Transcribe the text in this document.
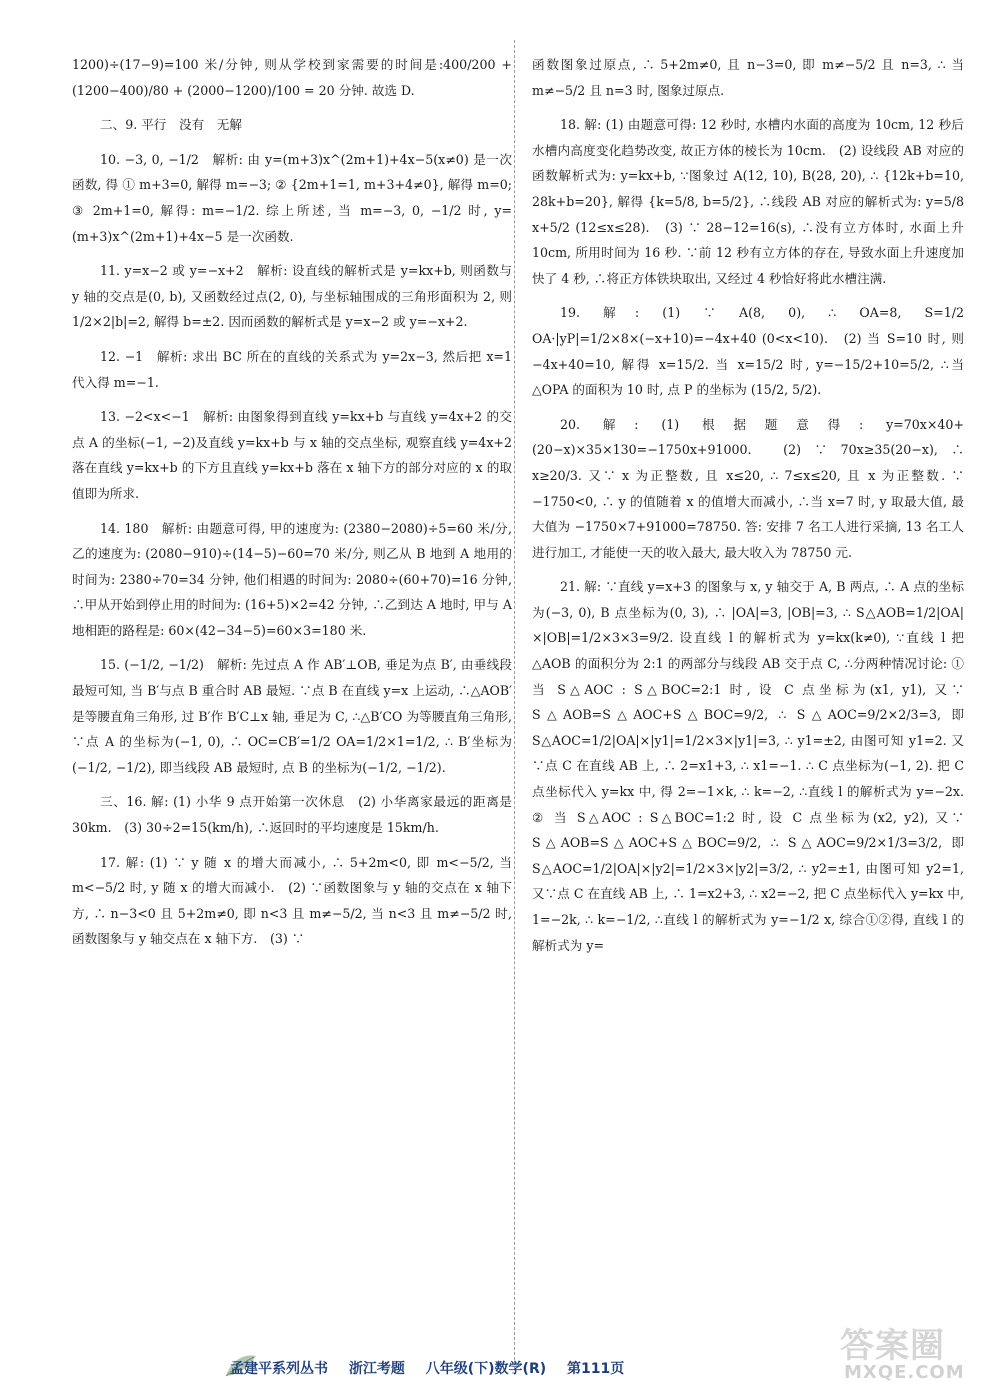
1200)÷(17−9)=100 米/分钟, 则从学校到家需要的时间是:400/200 + (1200−400)/80 + (2000−1200)/100 = 20 分钟. 故选 D.

二、9. 平行　没有　无解

10. −3, 0, −1/2　解析: 由 y=(m+3)x^(2m+1)+4x−5(x≠0) 是一次函数, 得 ① m+3=0, 解得 m=−3; ② {2m+1=1, m+3+4≠0}, 解得 m=0; ③ 2m+1=0, 解得: m=−1/2. 综上所述, 当 m=−3, 0, −1/2 时, y=(m+3)x^(2m+1)+4x−5 是一次函数.

11. y=x−2 或 y=−x+2　解析: 设直线的解析式是 y=kx+b, 则函数与 y 轴的交点是(0, b), 又函数经过点(2, 0), 与坐标轴围成的三角形面积为 2, 则 1/2×2|b|=2, 解得 b=±2. 因而函数的解析式是 y=x−2 或 y=−x+2.

12. −1　解析: 求出 BC 所在的直线的关系式为 y=2x−3, 然后把 x=1 代入得 m=−1.

13. −2<x<−1　解析: 由图象得到直线 y=kx+b 与直线 y=4x+2 的交点 A 的坐标(−1, −2)及直线 y=kx+b 与 x 轴的交点坐标, 观察直线 y=4x+2 落在直线 y=kx+b 的下方且直线 y=kx+b 落在 x 轴下方的部分对应的 x 的取值即为所求.

14. 180　解析: 由题意可得, 甲的速度为: (2380−2080)÷5=60 米/分, 乙的速度为: (2080−910)÷(14−5)−60=70 米/分, 则乙从 B 地到 A 地用的时间为: 2380÷70=34 分钟, 他们相遇的时间为: 2080÷(60+70)=16 分钟, ∴甲从开始到停止用的时间为: (16+5)×2=42 分钟, ∴乙到达 A 地时, 甲与 A 地相距的路程是: 60×(42−34−5)=60×3=180 米.

15. (−1/2, −1/2)　解析: 先过点 A 作 AB′⊥OB, 垂足为点 B′, 由垂线段最短可知, 当 B′与点 B 重合时 AB 最短. ∵点 B 在直线 y=x 上运动, ∴△AOB′是等腰直角三角形, 过 B′作 B′C⊥x 轴, 垂足为 C, ∴△B′CO 为等腰直角三角形, ∵点 A 的坐标为(−1, 0), ∴ OC=CB′=1/2 OA=1/2×1=1/2, ∴ B′坐标为(−1/2, −1/2), 即当线段 AB 最短时, 点 B 的坐标为(−1/2, −1/2).

三、16. 解: (1) 小华 9 点开始第一次休息　(2) 小华离家最远的距离是 30km.　(3) 30÷2=15(km/h), ∴返回时的平均速度是 15km/h.

17. 解: (1) ∵ y 随 x 的增大而减小, ∴ 5+2m<0, 即 m<−5/2, 当 m<−5/2 时, y 随 x 的增大而减小.　(2) ∵函数图象与 y 轴的交点在 x 轴下方, ∴ n−3<0 且 5+2m≠0, 即 n<3 且 m≠−5/2, 当 n<3 且 m≠−5/2 时, 函数图象与 y 轴交点在 x 轴下方.　(3) ∵

函数图象过原点, ∴ 5+2m≠0, 且 n−3=0, 即 m≠−5/2 且 n=3, ∴ 当 m≠−5/2 且 n=3 时, 图象过原点.

18. 解: (1) 由题意可得: 12 秒时, 水槽内水面的高度为 10cm, 12 秒后水槽内高度变化趋势改变, 故正方体的棱长为 10cm.　(2) 设线段 AB 对应的函数解析式为: y=kx+b, ∵图象过 A(12, 10), B(28, 20), ∴ {12k+b=10, 28k+b=20}, 解得 {k=5/8, b=5/2}, ∴线段 AB 对应的解析式为: y=5/8 x+5/2 (12≤x≤28).　(3) ∵ 28−12=16(s), ∴没有立方体时, 水面上升 10cm, 所用时间为 16 秒. ∵前 12 秒有立方体的存在, 导致水面上升速度加快了 4 秒, ∴将正方体铁块取出, 又经过 4 秒恰好将此水槽注满.

19. 解: (1) ∵ A(8, 0), ∴ OA=8, S=1/2 OA·|yP|=1/2×8×(−x+10)=−4x+40 (0<x<10).　(2) 当 S=10 时, 则 −4x+40=10, 解得 x=15/2. 当 x=15/2 时, y=−15/2+10=5/2, ∴当△OPA 的面积为 10 时, 点 P 的坐标为 (15/2, 5/2).

20. 解: (1) 根据题意得: y=70x×40+(20−x)×35×130=−1750x+91000.　(2) ∵ 70x≥35(20−x), ∴ x≥20/3. 又∵ x 为正整数, 且 x≤20, ∴ 7≤x≤20, 且 x 为正整数. ∵ −1750<0, ∴ y 的值随着 x 的值增大而减小, ∴当 x=7 时, y 取最大值, 最大值为 −1750×7+91000=78750. 答: 安排 7 名工人进行采摘, 13 名工人进行加工, 才能使一天的收入最大, 最大收入为 78750 元.

21. 解: ∵直线 y=x+3 的图象与 x, y 轴交于 A, B 两点, ∴ A 点的坐标为(−3, 0), B 点坐标为(0, 3), ∴ |OA|=3, |OB|=3, ∴ S△AOB=1/2|OA|×|OB|=1/2×3×3=9/2. 设直线 l 的解析式为 y=kx(k≠0), ∵直线 l 把△AOB 的面积分为 2:1 的两部分与线段 AB 交于点 C, ∴分两种情况讨论: ① 当 S△AOC : S△BOC=2:1 时, 设 C 点坐标为(x1, y1), 又∵ S△AOB=S△AOC+S△BOC=9/2, ∴ S△AOC=9/2×2/3=3, 即 S△AOC=1/2|OA|×|y1|=1/2×3×|y1|=3, ∴ y1=±2, 由图可知 y1=2. 又∵点 C 在直线 AB 上, ∴ 2=x1+3, ∴ x1=−1. ∴ C 点坐标为(−1, 2). 把 C 点坐标代入 y=kx 中, 得 2=−1×k, ∴ k=−2, ∴直线 l 的解析式为 y=−2x. ② 当 S△AOC : S△BOC=1:2 时, 设 C 点坐标为(x2, y2), 又∵ S△AOB=S△AOC+S△BOC=9/2, ∴ S△AOC=9/2×1/3=3/2, 即 S△AOC=1/2|OA|×|y2|=1/2×3×|y2|=3/2, ∴ y2=±1, 由图可知 y2=1, 又∵点 C 在直线 AB 上, ∴ 1=x2+3, ∴ x2=−2, 把 C 点坐标代入 y=kx 中, 1=−2k, ∴ k=−1/2, ∴直线 l 的解析式为 y=−1/2 x, 综合①②得, 直线 l 的解析式为 y=

孟建平系列丛书 浙江考题 八年级(下)数学(R) 第111页
答案圈
MXQE.COM
